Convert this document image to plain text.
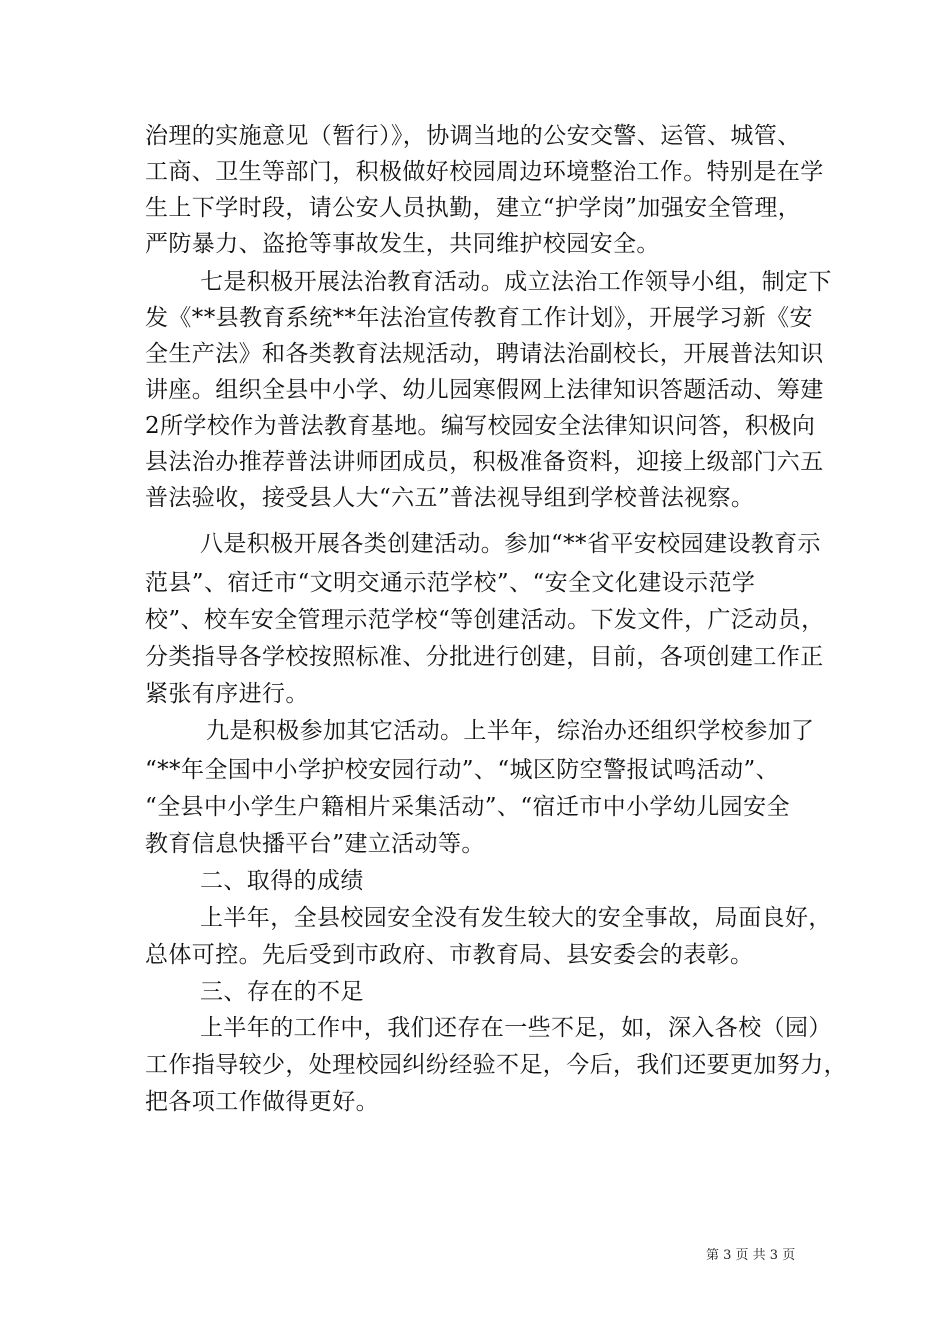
治理的实施意见（暂行）》，协调当地的公安交警、运管、城管、
工商、卫生等部门，积极做好校园周边环境整治工作。特别是在学
生上下学时段，请公安人员执勤，建立“护学岗”加强安全管理，
严防暴力、盗抢等事故发生，共同维护校园安全。
七是积极开展法治教育活动。成立法治工作领导小组，制定下
发《**县教育系统**年法治宣传教育工作计划》，开展学习新《安
全生产法》和各类教育法规活动，聘请法治副校长，开展普法知识
讲座。组织全县中小学、幼儿园寒假网上法律知识答题活动、筹建
2所学校作为普法教育基地。编写校园安全法律知识问答，积极向
县法治办推荐普法讲师团成员，积极准备资料，迎接上级部门六五
普法验收，接受县人大“六五”普法视导组到学校普法视察。
八是积极开展各类创建活动。参加“**省平安校园建设教育示
范县”、宿迁市“文明交通示范学校”、“安全文化建设示范学
校”、校车安全管理示范学校“等创建活动。下发文件，广泛动员，
分类指导各学校按照标准、分批进行创建，目前，各项创建工作正
紧张有序进行。
九是积极参加其它活动。上半年，综治办还组织学校参加了
“**年全国中小学护校安园行动”、“城区防空警报试鸣活动”、
“全县中小学生户籍相片采集活动”、“宿迁市中小学幼儿园安全
教育信息快播平台”建立活动等。
二、取得的成绩
上半年，全县校园安全没有发生较大的安全事故，局面良好，
总体可控。先后受到市政府、市教育局、县安委会的表彰。
三、存在的不足
上半年的工作中，我们还存在一些不足，如，深入各校（园）
工作指导较少，处理校园纠纷经验不足，今后，我们还要更加努力，
把各项工作做得更好。
第 3 页 共 3 页
